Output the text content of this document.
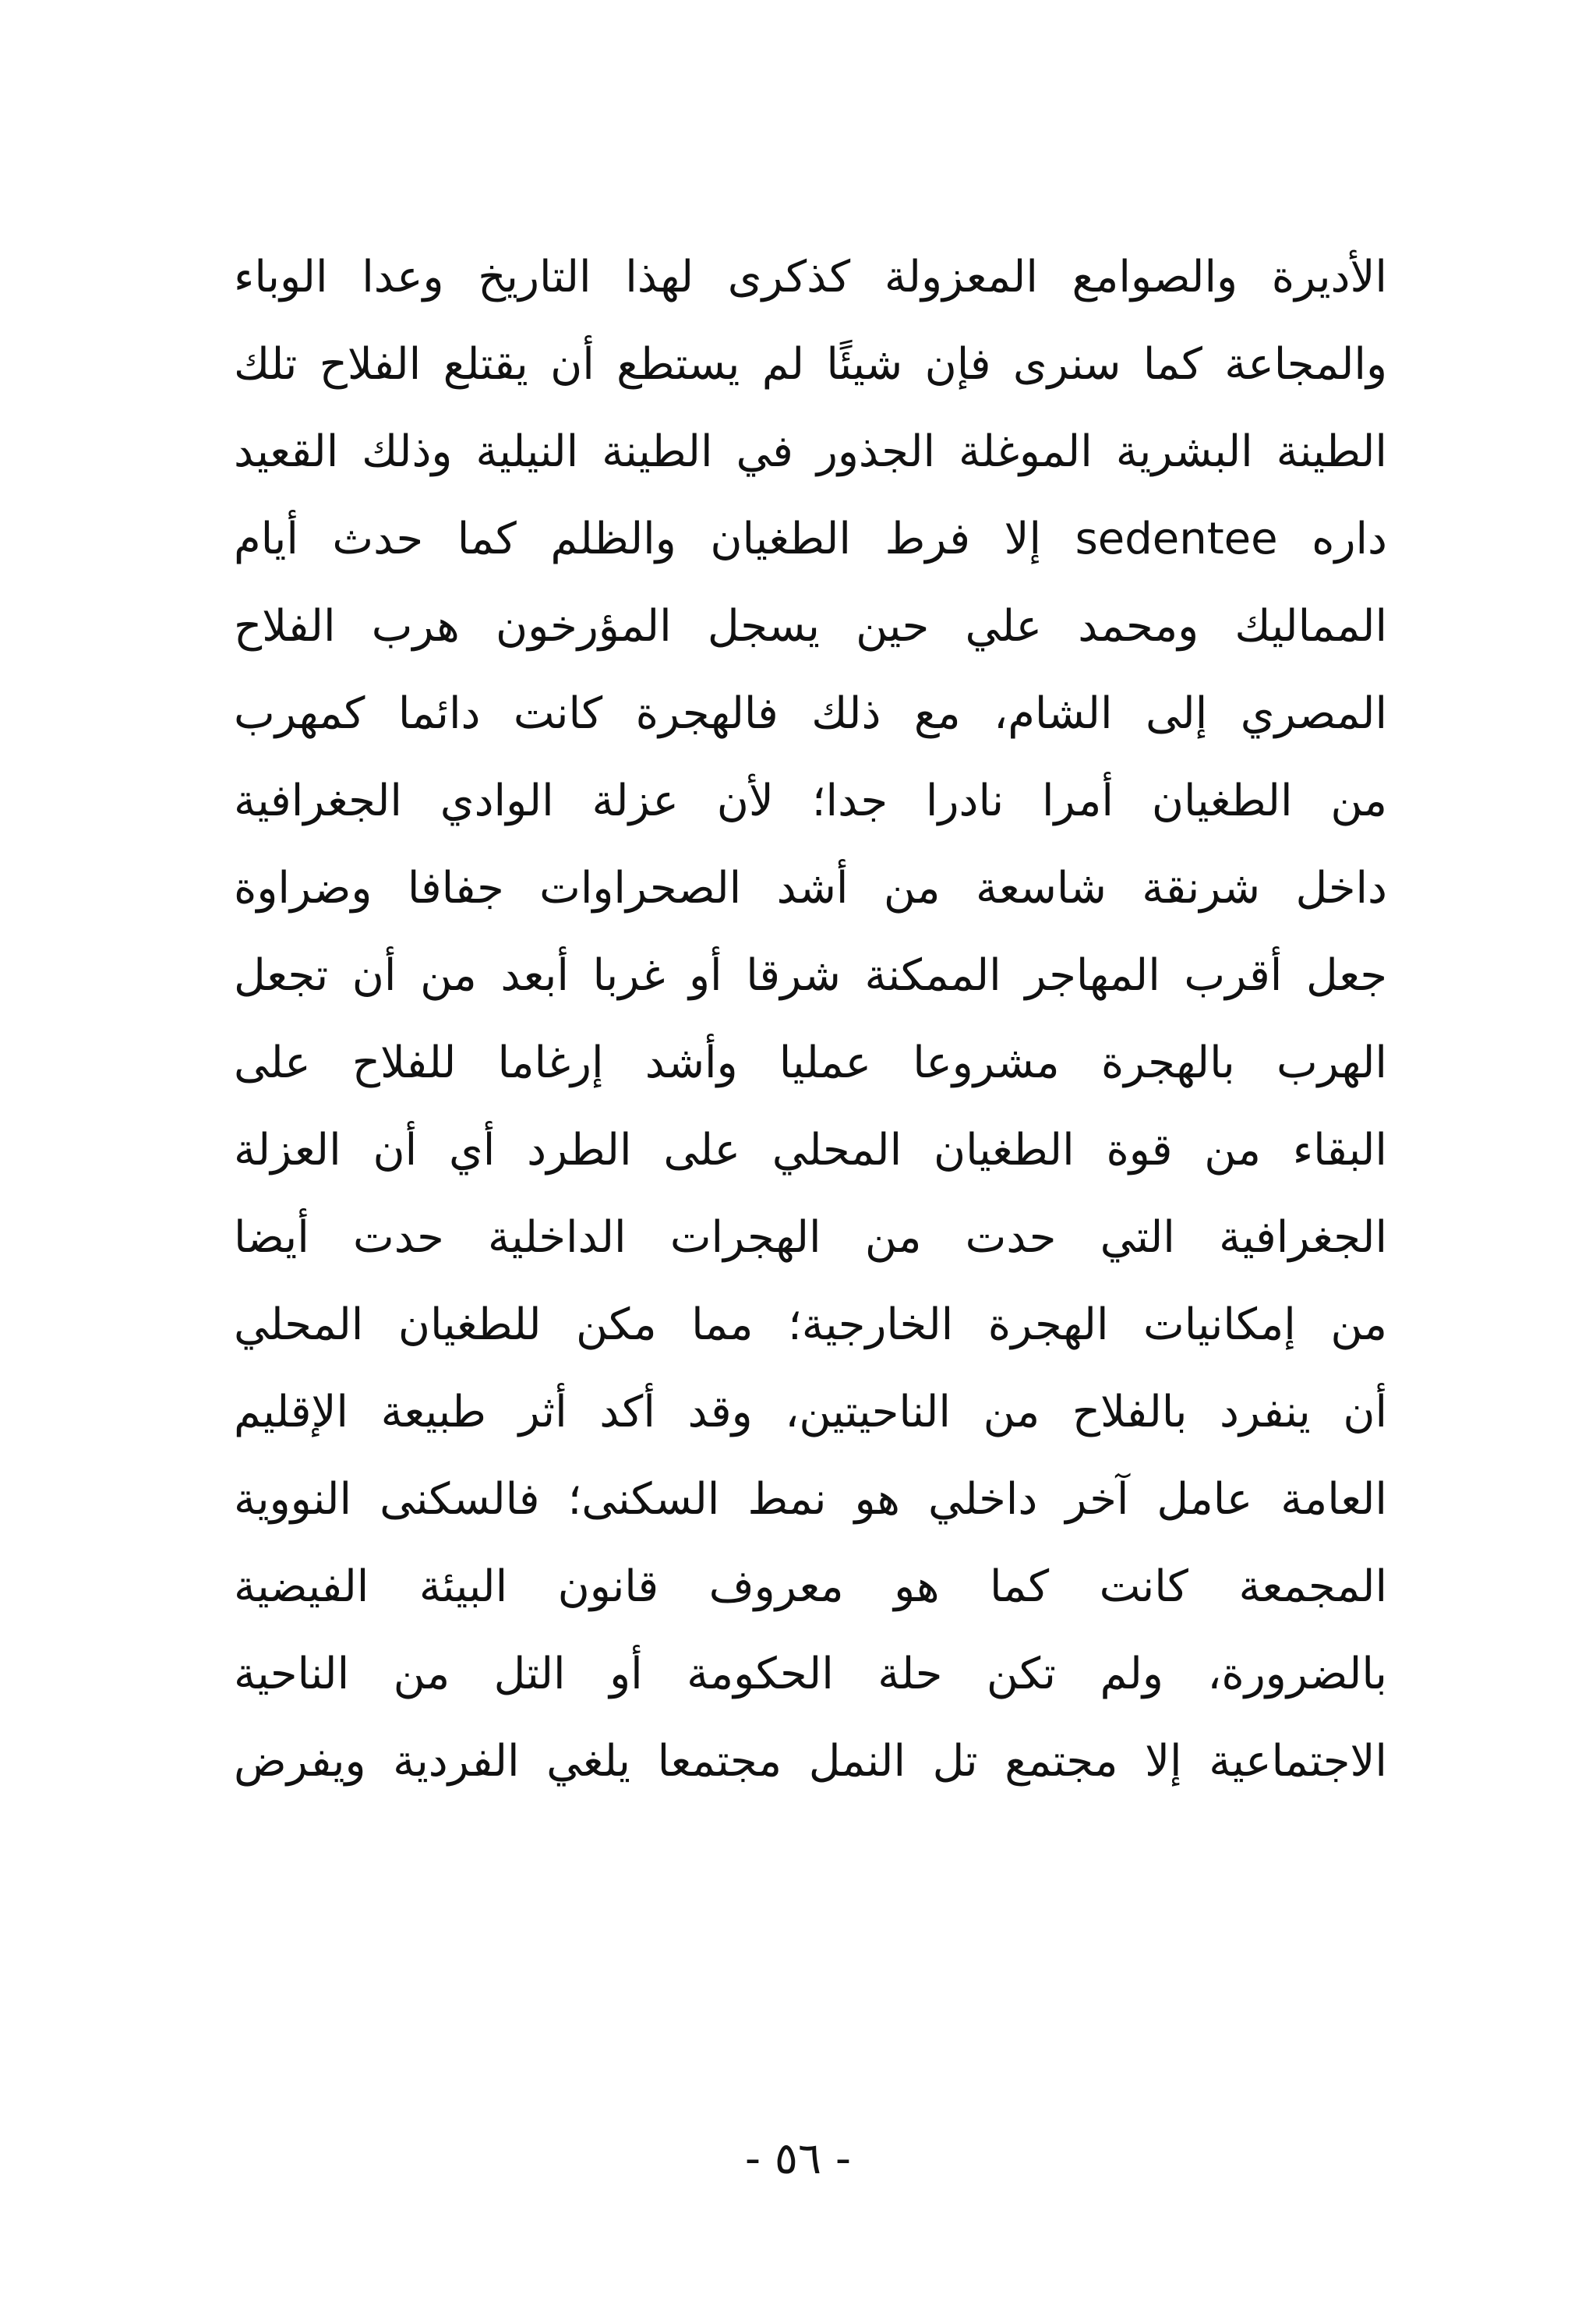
الأديرة والصوامع المعزولة كذكرى لهذا التاريخ وعدا الوباء
والمجاعة كما سنرى فإن شيئًا لم يستطع أن يقتلع الفلاح تلك
الطينة البشرية الموغلة الجذور في الطينة النيلية وذلك القعيد
داره sedentee إلا فرط الطغيان والظلم كما حدث أيام
المماليك ومحمد علي حين يسجل المؤرخون هرب الفلاح
المصري إلى الشام، مع ذلك فالهجرة كانت دائما كمهرب
من الطغيان أمرا نادرا جدا؛ لأن عزلة الوادي الجغرافية
داخل شرنقة شاسعة من أشد الصحراوات جفافا وضراوة
جعل أقرب المهاجر الممكنة شرقا أو غربا أبعد من أن تجعل
الهرب بالهجرة مشروعا عمليا وأشد إرغاما للفلاح على
البقاء من قوة الطغيان المحلي على الطرد أي أن العزلة
الجغرافية التي حدت من الهجرات الداخلية حدت أيضا
من إمكانيات الهجرة الخارجية؛ مما مكن للطغيان المحلي
أن ينفرد بالفلاح من الناحيتين، وقد أكد أثر طبيعة الإقليم
العامة عامل آخر داخلي هو نمط السكنى؛ فالسكنى النووية
المجمعة كانت كما هو معروف قانون البيئة الفيضية
بالضرورة، ولم تكن حلة الحكومة أو التل من الناحية
الاجتماعية إلا مجتمع تل النمل مجتمعا يلغي الفردية ويفرض
- ٥٦ -
